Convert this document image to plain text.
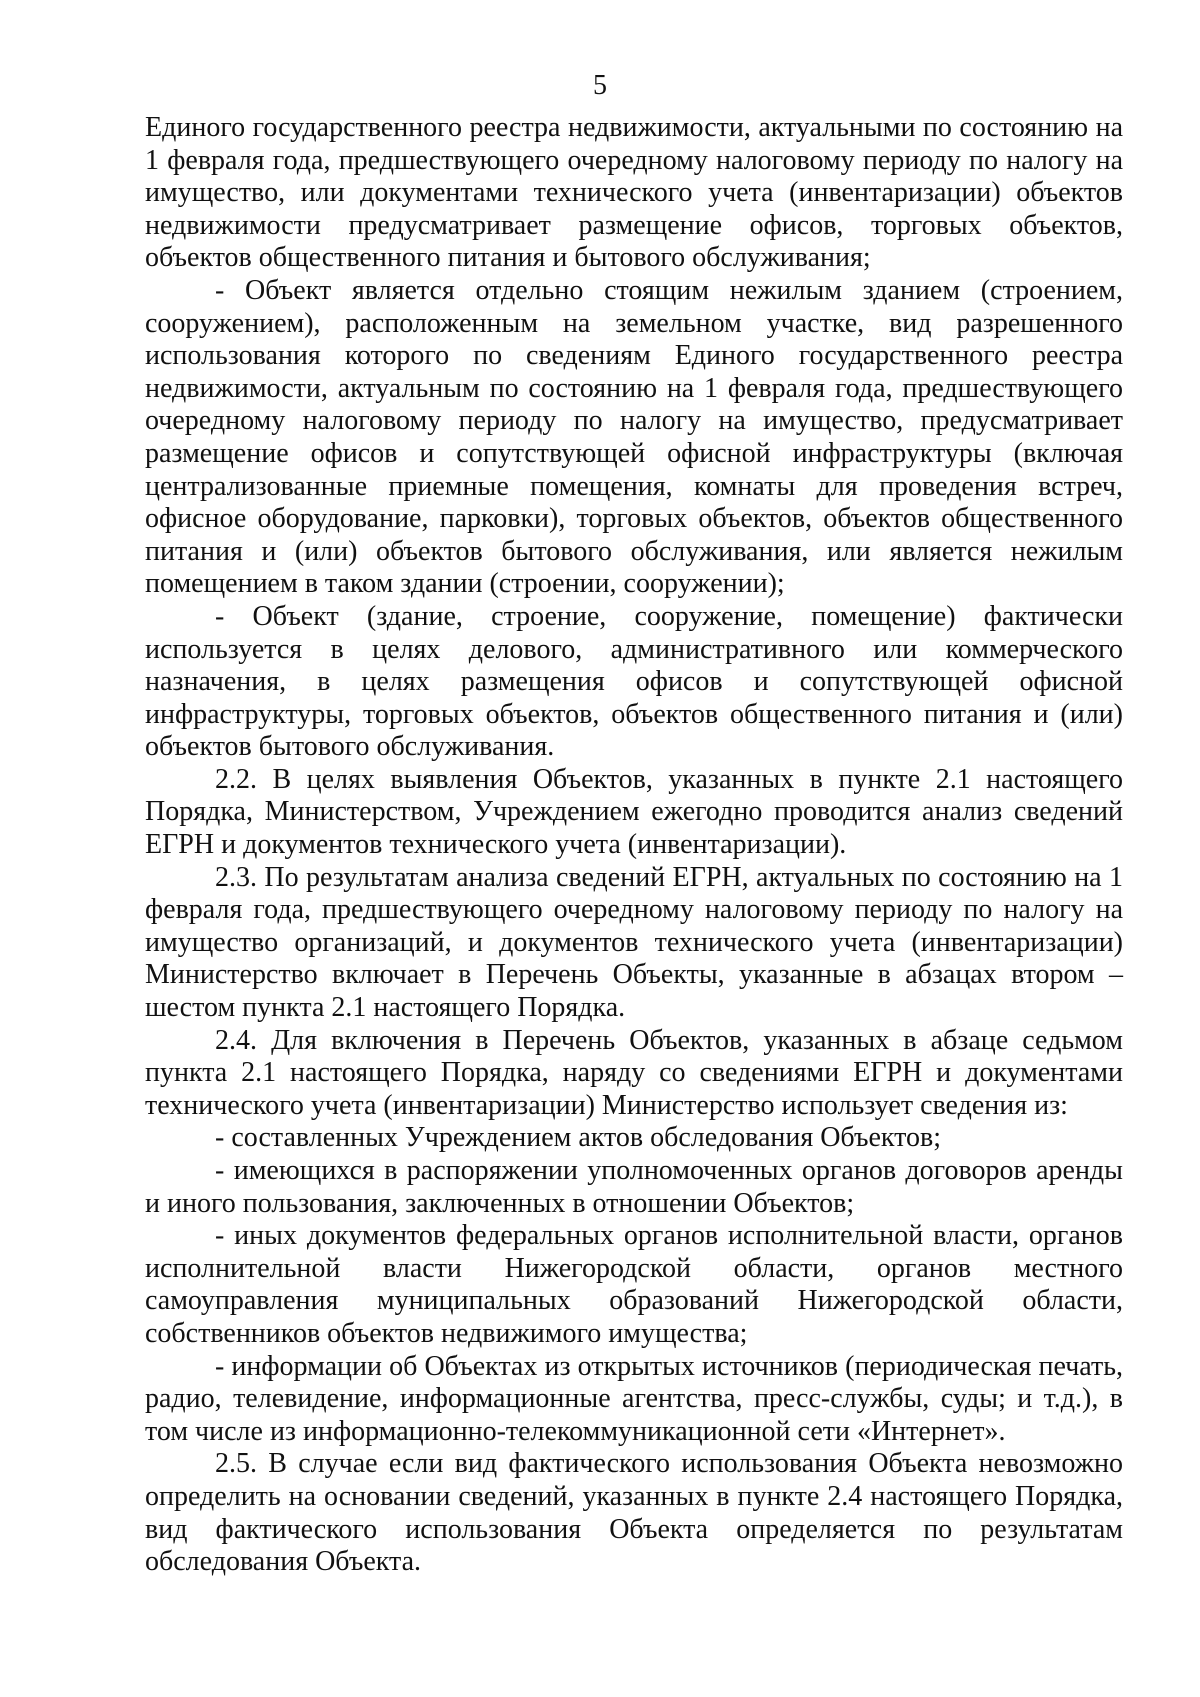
5

Единого государственного реестра недвижимости, актуальными по состоянию на 1 февраля года, предшествующего очередному налоговому периоду по налогу на имущество, или документами технического учета (инвентаризации) объектов недвижимости предусматривает размещение офисов, торговых объектов, объектов общественного питания и бытового обслуживания;

- Объект является отдельно стоящим нежилым зданием (строением, сооружением), расположенным на земельном участке, вид разрешенного использования которого по сведениям Единого государственного реестра недвижимости, актуальным по состоянию на 1 февраля года, предшествующего очередному налоговому периоду по налогу на имущество, предусматривает размещение офисов и сопутствующей офисной инфраструктуры (включая централизованные приемные помещения, комнаты для проведения встреч, офисное оборудование, парковки), торговых объектов, объектов общественного питания и (или) объектов бытового обслуживания, или является нежилым помещением в таком здании (строении, сооружении);

- Объект (здание, строение, сооружение, помещение) фактически используется в целях делового, административного или коммерческого назначения, в целях размещения офисов и сопутствующей офисной инфраструктуры, торговых объектов, объектов общественного питания и (или) объектов бытового обслуживания.

2.2. В целях выявления Объектов, указанных в пункте 2.1 настоящего Порядка, Министерством, Учреждением ежегодно проводится анализ сведений ЕГРН и документов технического учета (инвентаризации).

2.3. По результатам анализа сведений ЕГРН, актуальных по состоянию на 1 февраля года, предшествующего очередному налоговому периоду по налогу на имущество организаций, и документов технического учета (инвентаризации) Министерство включает в Перечень Объекты, указанные в абзацах втором – шестом пункта 2.1 настоящего Порядка.

2.4. Для включения в Перечень Объектов, указанных в абзаце седьмом пункта 2.1 настоящего Порядка, наряду со сведениями ЕГРН и документами технического учета (инвентаризации) Министерство использует сведения из:

- составленных Учреждением актов обследования Объектов;

- имеющихся в распоряжении уполномоченных органов договоров аренды и иного пользования, заключенных в отношении Объектов;

- иных документов федеральных органов исполнительной власти, органов исполнительной власти Нижегородской области, органов местного самоуправления муниципальных образований Нижегородской области, собственников объектов недвижимого имущества;

- информации об Объектах из открытых источников (периодическая печать, радио, телевидение, информационные агентства, пресс-службы, суды; и т.д.), в том числе из информационно-телекоммуникационной сети «Интернет».

2.5. В случае если вид фактического использования Объекта невозможно определить на основании сведений, указанных в пункте 2.4 настоящего Порядка, вид фактического использования Объекта определяется по результатам обследования Объекта.
